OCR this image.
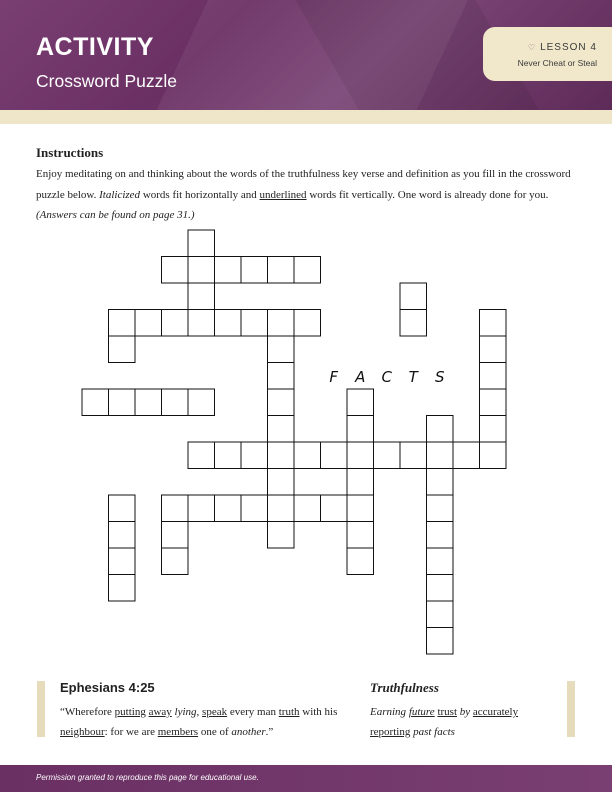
ACTIVITY
Crossword Puzzle
♡ LESSON 4
Never Cheat or Steal
Instructions
Enjoy meditating on and thinking about the words of the truthfulness key verse and definition as you fill in the crossword puzzle below. Italicized words fit horizontally and underlined words fit vertically. One word is already done for you. (Answers can be found on page 31.)
F A C T S
Ephesians 4:25
“Wherefore putting away lying, speak every man truth with his neighbour: for we are members one of another.”
Truthfulness
Earning future trust by accurately reporting past facts
Permission granted to reproduce this page for educational use.
